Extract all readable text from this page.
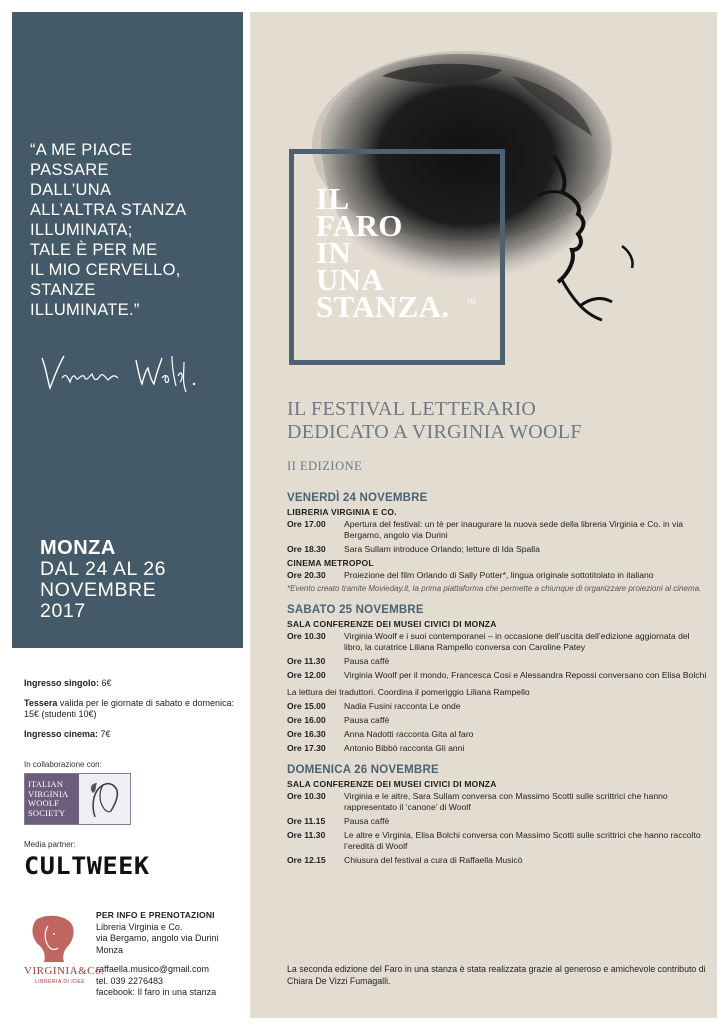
“A ME PIACE
PASSARE
DALL’UNA
ALL’ALTRA STANZA
ILLUMINATA;
TALE È PER ME
IL MIO CERVELLO,
STANZE
ILLUMINATE.”
MONZA
DAL 24 AL 26
NOVEMBRE
2017

Ingresso singolo: 6€

Tessera valida per le giornate di sabato e domenica: 15€ (studenti 10€)

Ingresso cinema: 7€

In collaborazione con:
ITALIAN VIRGINIA WOOLF SOCIETY
Media partner:
CULTWEEK
VIRGINIA&Co.
LIBRERIA DI IDEE
PER INFO E PRENOTAZIONI
Libreria Virginia e Co.
via Bergamo, angolo via Durini
Monza
raffaella.musico@gmail.com
tel. 039 2276483
facebook: Il faro in una stanza
IL
FARO
IN
UNA
STANZA.	TM
IL FESTIVAL LETTERARIO
DEDICATO A VIRGINIA WOOLF
II EDIZIONE
VENERDÌ 24 NOVEMBRE
LIBRERIA VIRGINIA E CO.
Ore 17.00	Apertura del festival: un tè per inaugurare la nuova sede della libreria Virginia e Co. in via Bergamo, angolo via Durini
Ore 18.30	Sara Sullam introduce Orlando; letture di Ida Spalla
CINEMA METROPOL
Ore 20.30	Proiezione del film Orlando di Sally Potter*, lingua originale sottotitolato in italiano
*Evento creato tramite Movieday.it, la prima piattaforma che permette a chiunque di organizzare proiezioni al cinema.
SABATO 25 NOVEMBRE
SALA CONFERENZE DEI MUSEI CIVICI DI MONZA
Ore 10.30	Virginia Woolf e i suoi contemporanei – in occasione dell’uscita dell’edizione aggiornata del libro, la curatrice Liliana Rampello conversa con Caroline Patey
Ore 11.30	Pausa caffè
Ore 12.00	Virginia Woolf per il mondo, Francesca Cosi e Alessandra Repossi conversano con Elisa Bolchi
La lettura dei traduttori. Coordina il pomeriggio Liliana Rampello
Ore 15.00	Nadia Fusini racconta Le onde
Ore 16.00	Pausa caffè
Ore 16.30	Anna Nadotti racconta Gita al faro
Ore 17.30	Antonio Bibbò racconta Gli anni
DOMENICA 26 NOVEMBRE
SALA CONFERENZE DEI MUSEI CIVICI DI MONZA
Ore 10.30	Virginia e le altre, Sara Sullam conversa con Massimo Scotti sulle scrittrici che hanno rappresentato il ‘canone’ di Woolf
Ore 11.15	Pausa caffè
Ore 11.30	Le altre e Virginia, Elisa Bolchi conversa con Massimo Scotti sulle scrittrici che hanno raccolto l’eredità di Woolf
Ore 12.15	Chiusura del festival a cura di Raffaella Musicò
La seconda edizione del Faro in una stanza è stata realizzata grazie al generoso e amichevole contributo di Chiara De Vizzi Fumagalli.
